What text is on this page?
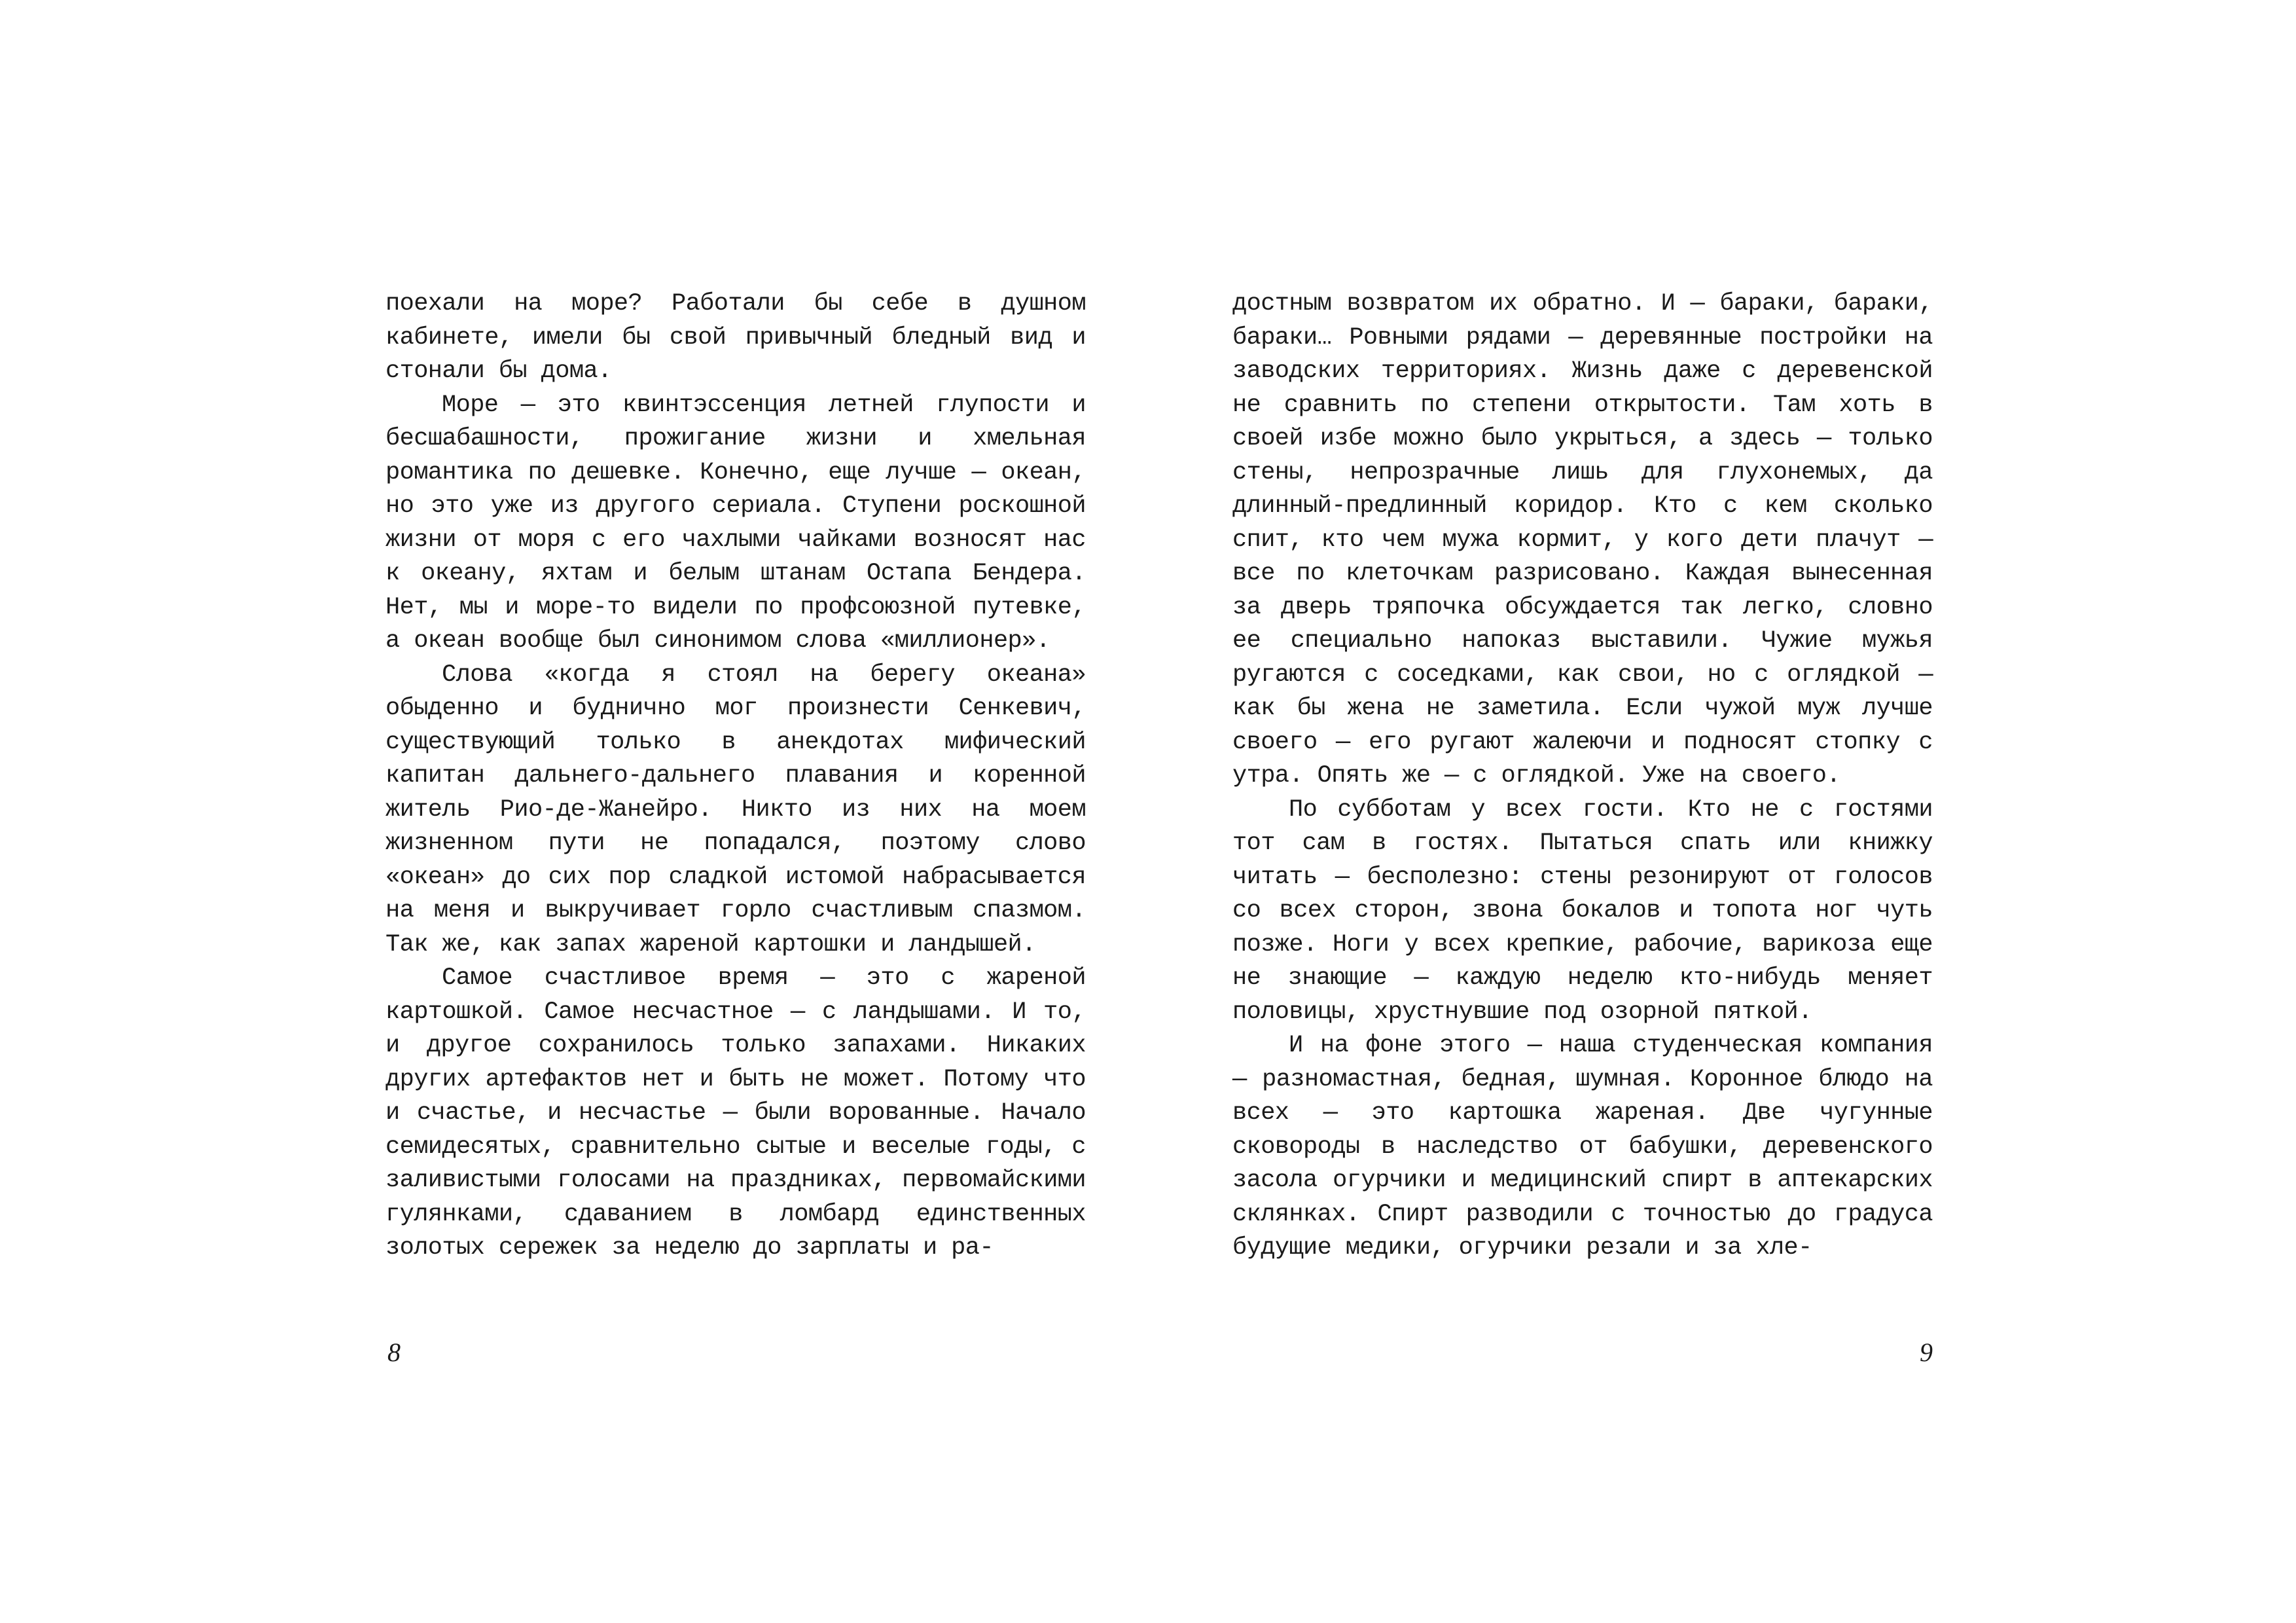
поехали на море? Работали бы себе в душном кабинете, имели бы свой привычный бледный вид и стонали бы дома.

Море — это квинтэссенция летней глупости и бесшабашности, прожигание жизни и хмельная романтика по дешевке. Конечно, еще лучше — океан, но это уже из другого сериала. Ступени роскошной жизни от моря с его чахлыми чайками возносят нас к океану, яхтам и белым штанам Остапа Бендера. Нет, мы и море-то видели по профсоюзной путевке, а океан вообще был синонимом слова «миллионер».

Слова «когда я стоял на берегу океана» обыденно и буднично мог произнести Сенкевич, существующий только в анекдотах мифический капитан дальнего-дальнего плавания и коренной житель Рио-де-Жанейро. Никто из них на моем жизненном пути не попадался, поэтому слово «океан» до сих пор сладкой истомой набрасывается на меня и выкручивает горло счастливым спазмом. Так же, как запах жареной картошки и ландышей.

Самое счастливое время — это с жареной картошкой. Самое несчастное — с ландышами. И то, и другое сохранилось только запахами. Никаких других артефактов нет и быть не может. Потому что и счастье, и несчастье — были ворованные. Начало семидесятых, сравнительно сытые и веселые годы, с заливистыми голосами на праздниках, первомайскими гулянками, сдаванием в ломбард единственных золотых сережек за неделю до зарплаты и ра-

8

достным возвратом их обратно. И — бараки, бараки, бараки… Ровными рядами — деревянные постройки на заводских территориях. Жизнь даже с деревенской не сравнить по степени открытости. Там хоть в своей избе можно было укрыться, а здесь — только стены, непрозрачные лишь для глухонемых, да длинный-предлинный коридор. Кто с кем сколько спит, кто чем мужа кормит, у кого дети плачут — все по клеточкам разрисовано. Каждая вынесенная за дверь тряпочка обсуждается так легко, словно ее специально напоказ выставили. Чужие мужья ругаются с соседками, как свои, но с оглядкой — как бы жена не заметила. Если чужой муж лучше своего — его ругают жалеючи и подносят стопку с утра. Опять же — с оглядкой. Уже на своего.

По субботам у всех гости. Кто не с гостями тот сам в гостях. Пытаться спать или книжку читать — бесполезно: стены резонируют от голосов со всех сторон, звона бокалов и топота ног чуть позже. Ноги у всех крепкие, рабочие, варикоза еще не знающие — каждую неделю кто-нибудь меняет половицы, хрустнувшие под озорной пяткой.

И на фоне этого — наша студенческая компания — разномастная, бедная, шумная. Коронное блюдо на всех — это картошка жареная. Две чугунные сковороды в наследство от бабушки, деревенского засола огурчики и медицинский спирт в аптекарских склянках. Спирт разводили с точностью до градуса будущие медики, огурчики резали и за хле-

9
